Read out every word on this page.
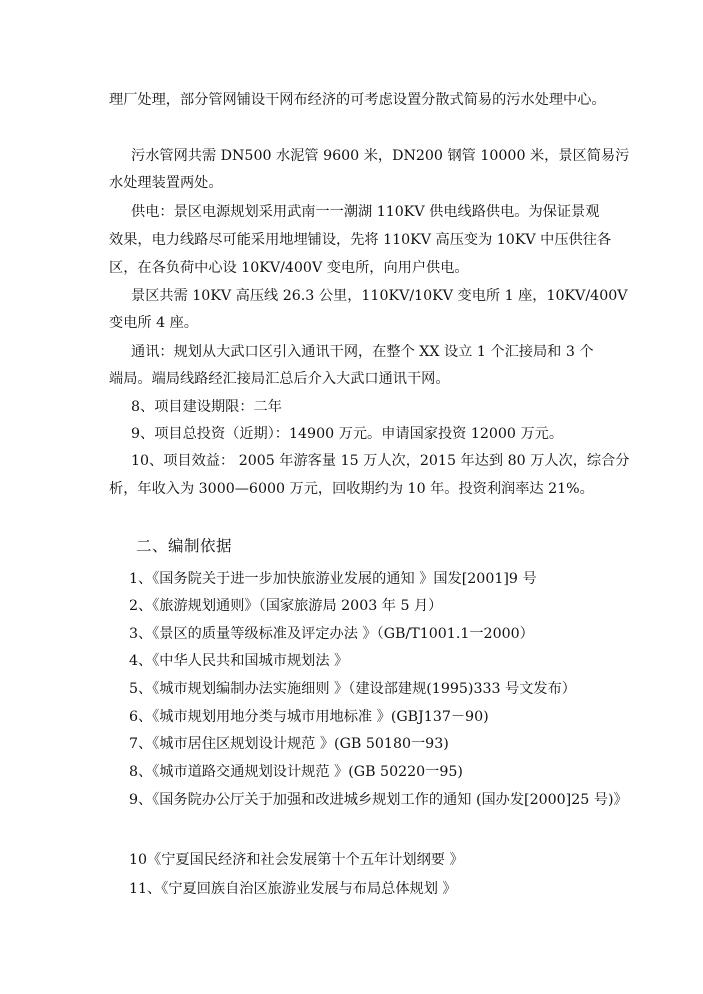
理厂处理，部分管网铺设干网布经济的可考虑设置分散式简易的污水处理中心。
污水管网共需 DN500 水泥管 9600 米，DN200 钢管 10000 米，景区简易污
水处理装置两处。
供电：景区电源规划采用武南一一潮湖 110KV 供电线路供电。为保证景观
效果，电力线路尽可能采用地埋铺设，先将 110KV 高压变为 10KV 中压供往各
区，在各负荷中心设 10KV/400V 变电所，向用户供电。
景区共需 10KV 高压线 26.3 公里，110KV/10KV 变电所 1 座，10KV/400V
变电所 4 座。
通讯：规划从大武口区引入通讯干网，在整个 XX 设立 1 个汇接局和 3 个
端局。端局线路经汇接局汇总后介入大武口通讯干网。
8、项目建设期限：二年
9、项目总投资（近期）：14900 万元。申请国家投资 12000 万元。
10、项目效益： 2005 年游客量 15 万人次，2015 年达到 80 万人次，综合分
析，年收入为 3000—6000 万元，回收期约为 10 年。投资利润率达 21%。
二、编制依据
1、《国务院关于进一步加快旅游业发展的通知 》国发[2001]9 号
2、《旅游规划通则》（国家旅游局 2003 年 5 月）
3、《景区的质量等级标准及评定办法 》（GB/T1001.1一2000）
4、《中华人民共和国城市规划法 》
5、《城市规划编制办法实施细则 》（建设部建规(1995)333 号文发布）
6、《城市规划用地分类与城市用地标准 》(GBJ137－90)
7、《城市居住区规划设计规范 》(GB 50180一93)
8、《城市道路交通规划设计规范 》(GB 50220一95)
9、《国务院办公厅关于加强和改进城乡规划工作的通知 (国办发[2000]25 号)》
10《宁夏国民经济和社会发展第十个五年计划纲要 》
11、《宁夏回族自治区旅游业发展与布局总体规划 》
